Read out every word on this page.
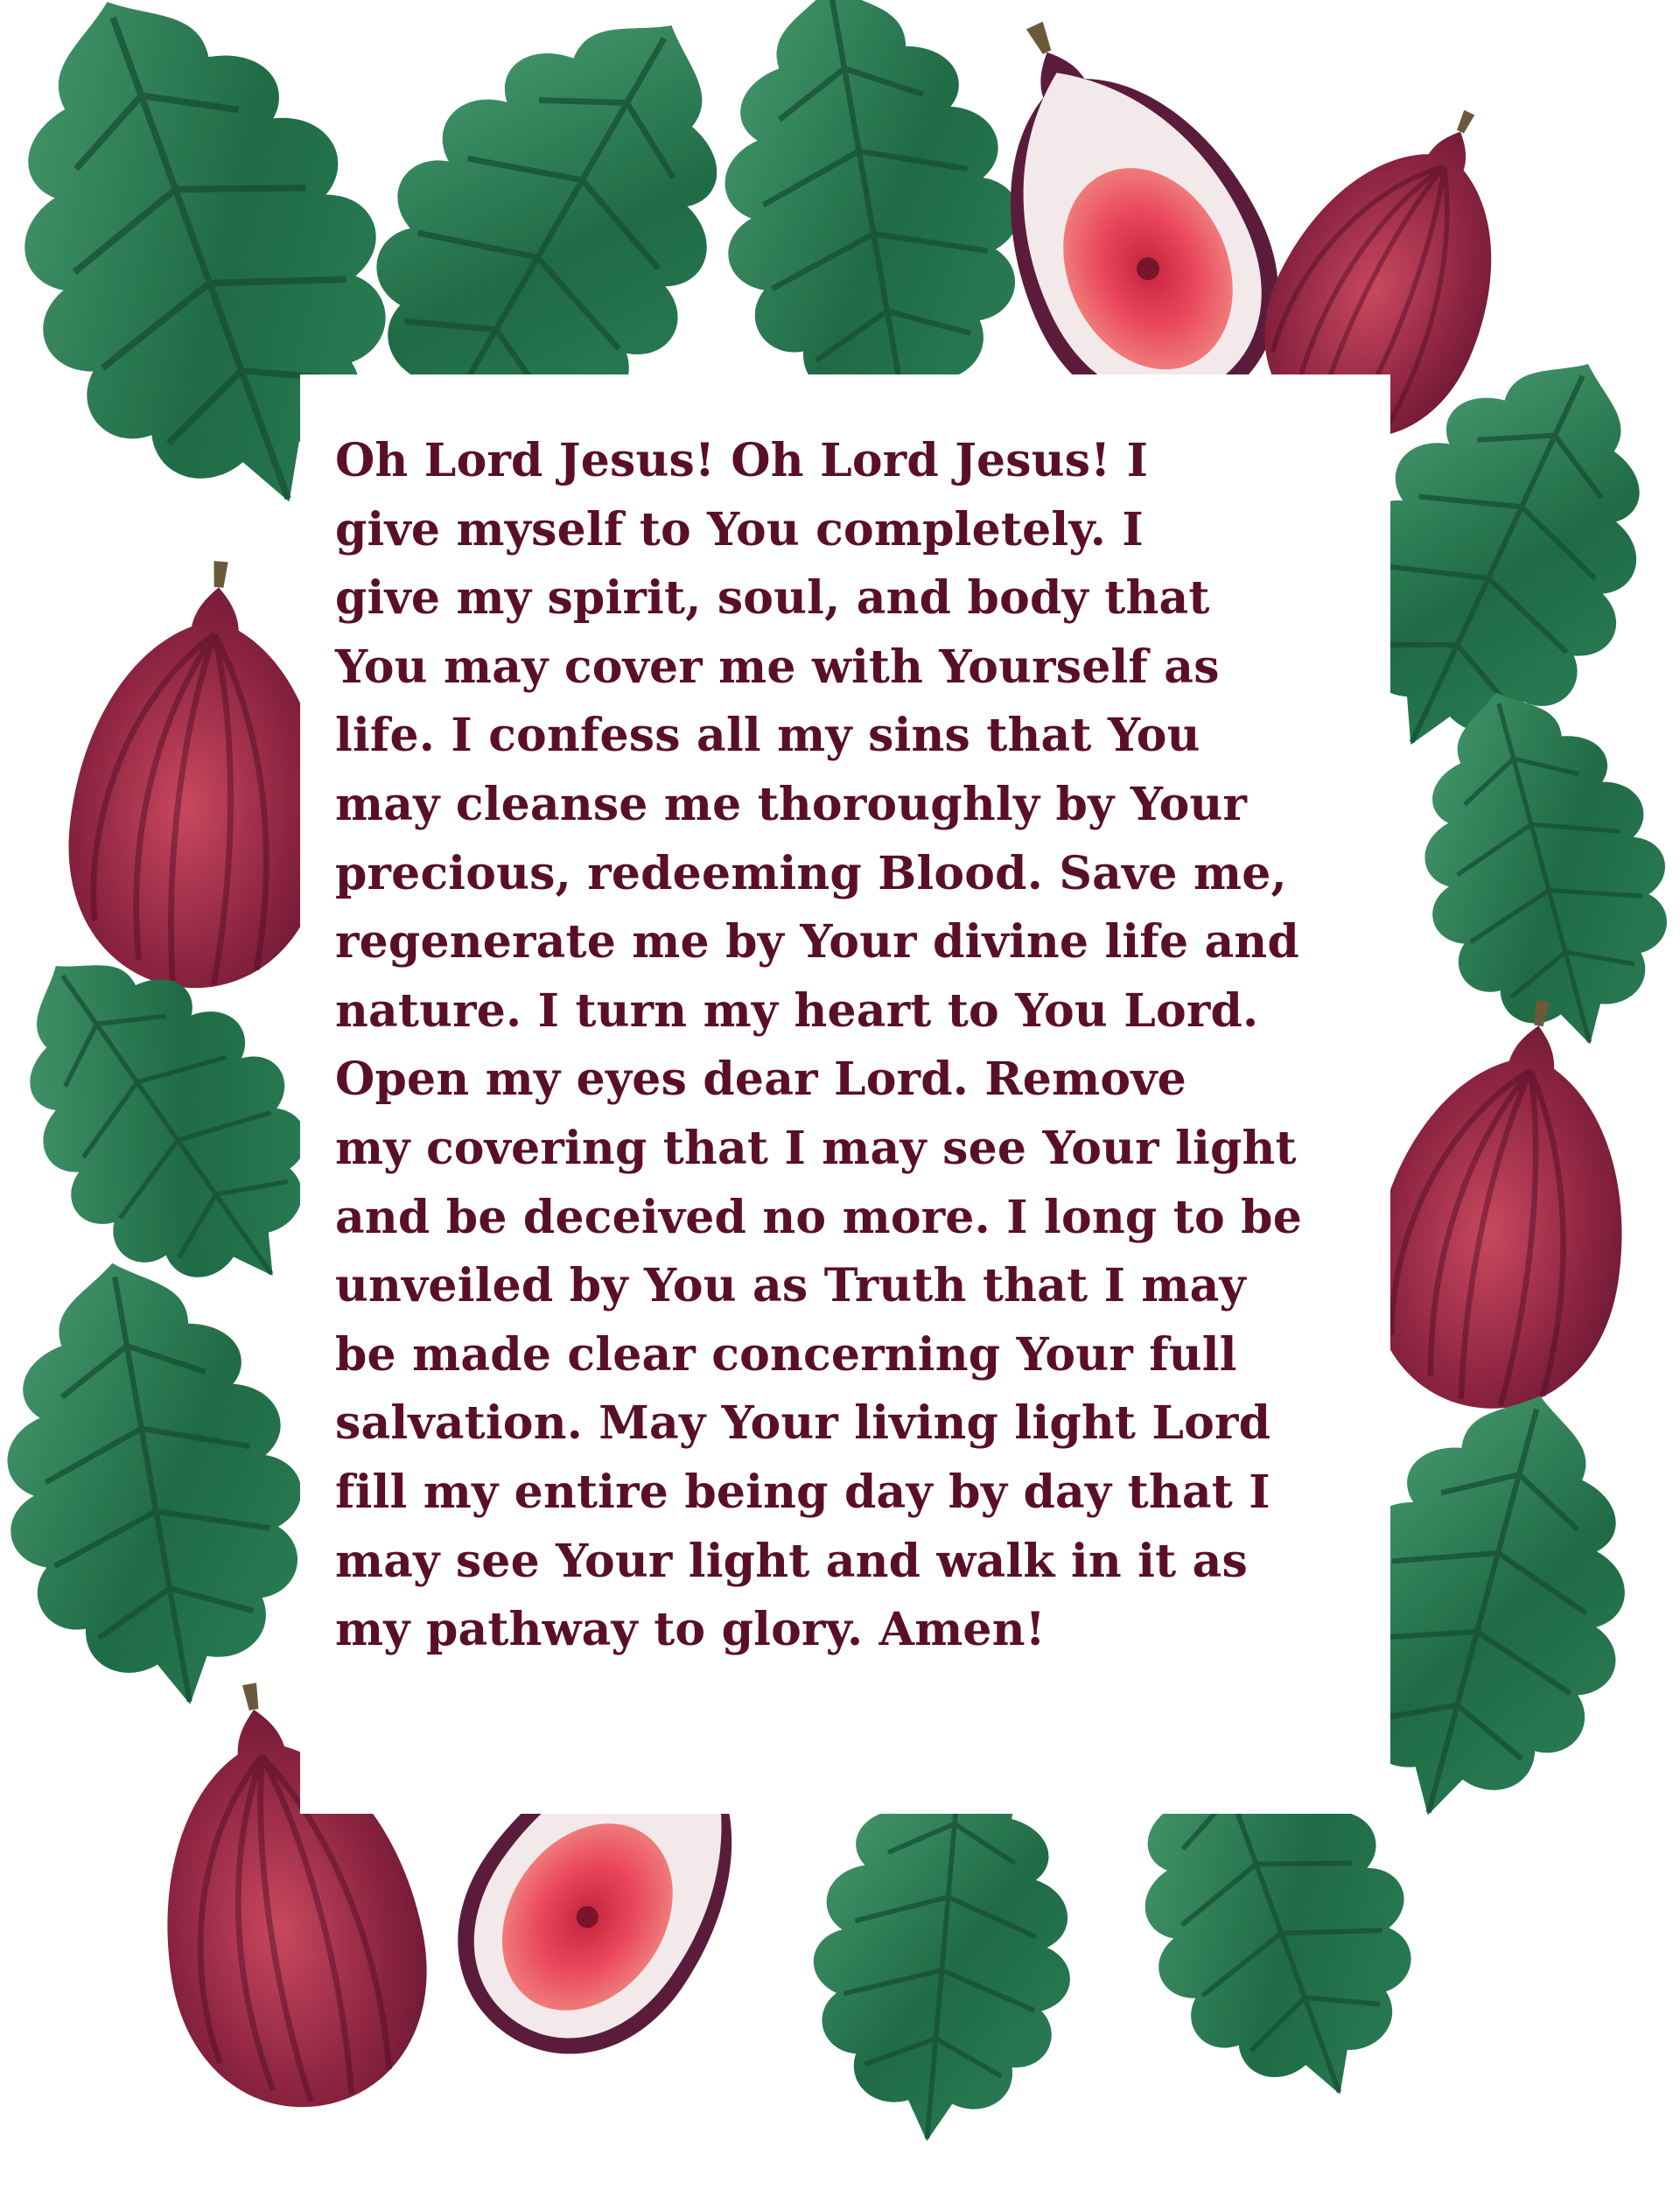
Oh Lord Jesus! Oh Lord Jesus! I
give myself to You completely. I
give my spirit, soul, and body that
You may cover me with Yourself as
life. I confess all my sins that You
may cleanse me thoroughly by Your
precious, redeeming Blood. Save me,
regenerate me by Your divine life and
nature. I turn my heart to You Lord.
Open my eyes dear Lord. Remove
my covering that I may see Your light
and be deceived no more. I long to be
unveiled by You as Truth that I may
be made clear concerning Your full
salvation. May Your living light Lord
fill my entire being day by day that I
may see Your light and walk in it as
my pathway to glory. Amen!
